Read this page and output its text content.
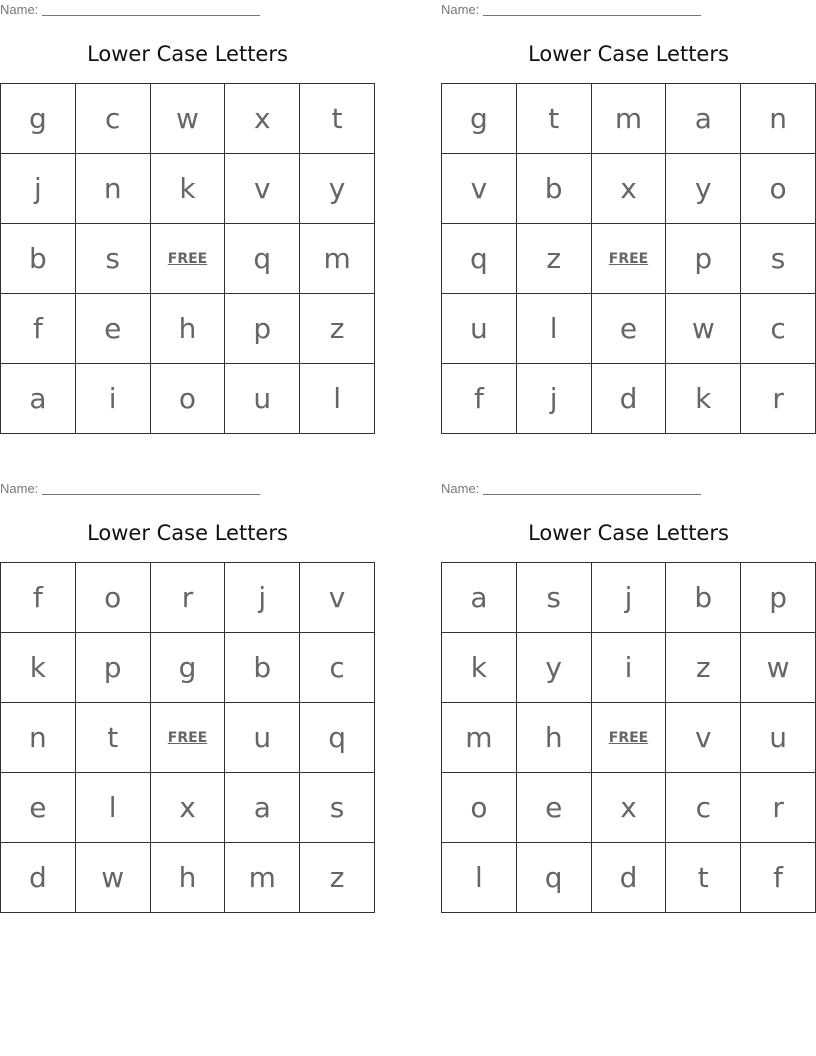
Name:
Lower Case Letters
g	c	w	x	t
j	n	k	v	y
b	s	FREE	q	m
f	e	h	p	z
a	i	o	u	l
Name:
Lower Case Letters
g	t	m	a	n
v	b	x	y	o
q	z	FREE	p	s
u	l	e	w	c
f	j	d	k	r
Name:
Lower Case Letters
f	o	r	j	v
k	p	g	b	c
n	t	FREE	u	q
e	l	x	a	s
d	w	h	m	z
Name:
Lower Case Letters
a	s	j	b	p
k	y	i	z	w
m	h	FREE	v	u
o	e	x	c	r
l	q	d	t	f
